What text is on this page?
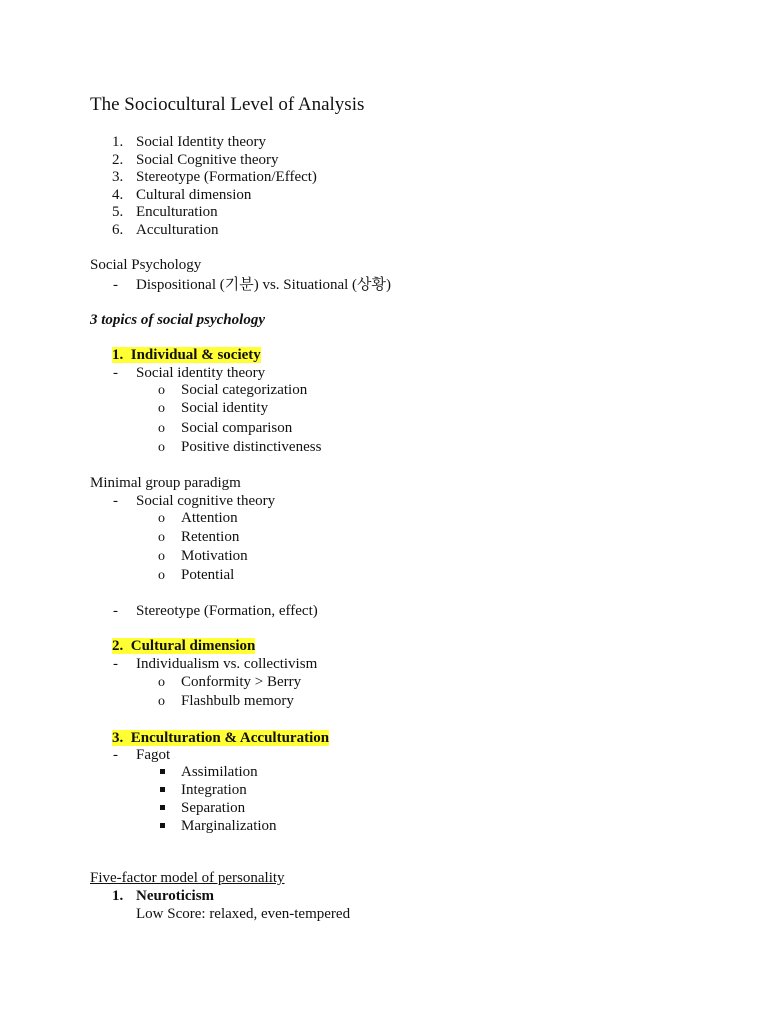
The Sociocultural Level of Analysis
1. Social Identity theory
2. Social Cognitive theory
3. Stereotype (Formation/Effect)
4. Cultural dimension
5. Enculturation
6. Acculturation
Social Psychology
- Dispositional (기분) vs. Situational (상황)
3 topics of social psychology
1. Individual & society
- Social identity theory
o Social categorization
o Social identity
o Social comparison
o Positive distinctiveness
Minimal group paradigm
- Social cognitive theory
o Attention
o Retention
o Motivation
o Potential
- Stereotype (Formation, effect)
2. Cultural dimension
- Individualism vs. collectivism
o Conformity > Berry
o Flashbulb memory
3. Enculturation & Acculturation
- Fagot
Assimilation
Integration
Separation
Marginalization
Five-factor model of personality
1. Neuroticism
Low Score: relaxed, even-tempered
